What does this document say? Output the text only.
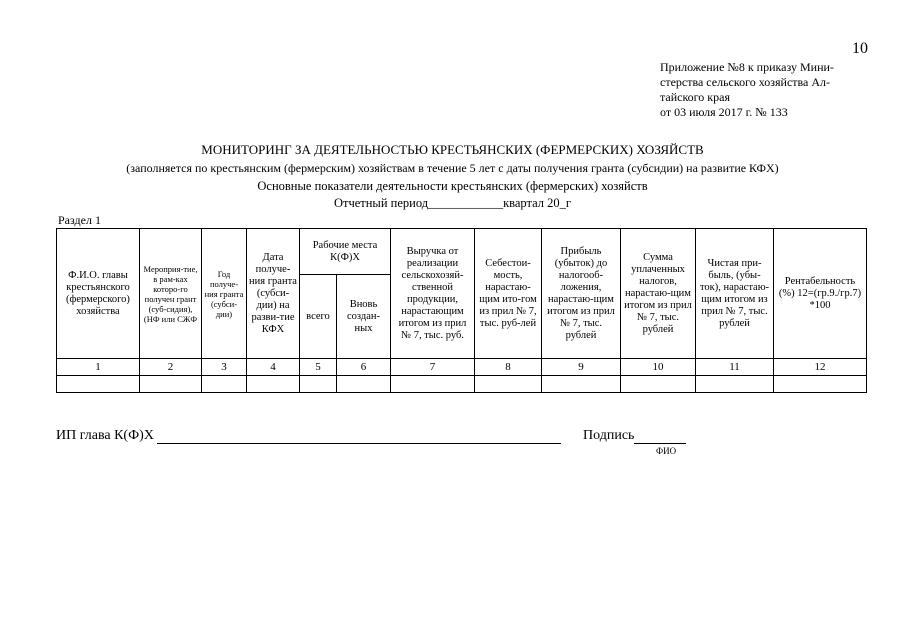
10
Приложение №8 к приказу Мини-
стерства сельского хозяйства Ал-
тайского края
от 03 июля 2017 г. № 133
МОНИТОРИНГ ЗА ДЕЯТЕЛЬНОСТЬЮ КРЕСТЬЯНСКИХ (ФЕРМЕРСКИХ) ХОЗЯЙСТВ
(заполняется по крестьянским (фермерским) хозяйствам в течение 5 лет с даты получения гранта (субсидии) на развитие КФХ)
Основные показатели деятельности крестьянских (фермерских) хозяйств
Отчетный период____________квартал 20_г
Раздел 1
Ф.И.О. главы крестьянского (фермерского) хозяйства	Мероприя-тие, в рам-ках которо-го получен грант (суб-сидия), (НФ или СЖФ	Год получе-ния гранта (субси-дии)	Дата получе-ния гранта (субси-дии) на разви-тие КФХ	Рабочие места К(Ф)Х		Выручка от реализации сельскохозяй-ственной продукции, нарастающим итогом из прил № 7, тыс. руб.	Себестои-мость, нарастаю-щим ито-гом из прил № 7, тыс. руб-лей	Прибыль (убыток) до налогооб-ложения, нарастаю-щим итогом из прил № 7, тыс. рублей	Сумма уплаченных налогов, нарастаю-щим итогом из прил № 7, тыс. рублей	Чистая при-быль, (убы-ток), нарастаю-щим итогом из прил № 7, тыс. рублей	Рентабельность (%) 12=(гр.9./гр.7) *100
				всего	Вновь создан-ных						
1	2	3	4	5	6	7	8	9	10	11	12

ИП глава К(Ф)Х	Подпись
ФИО
